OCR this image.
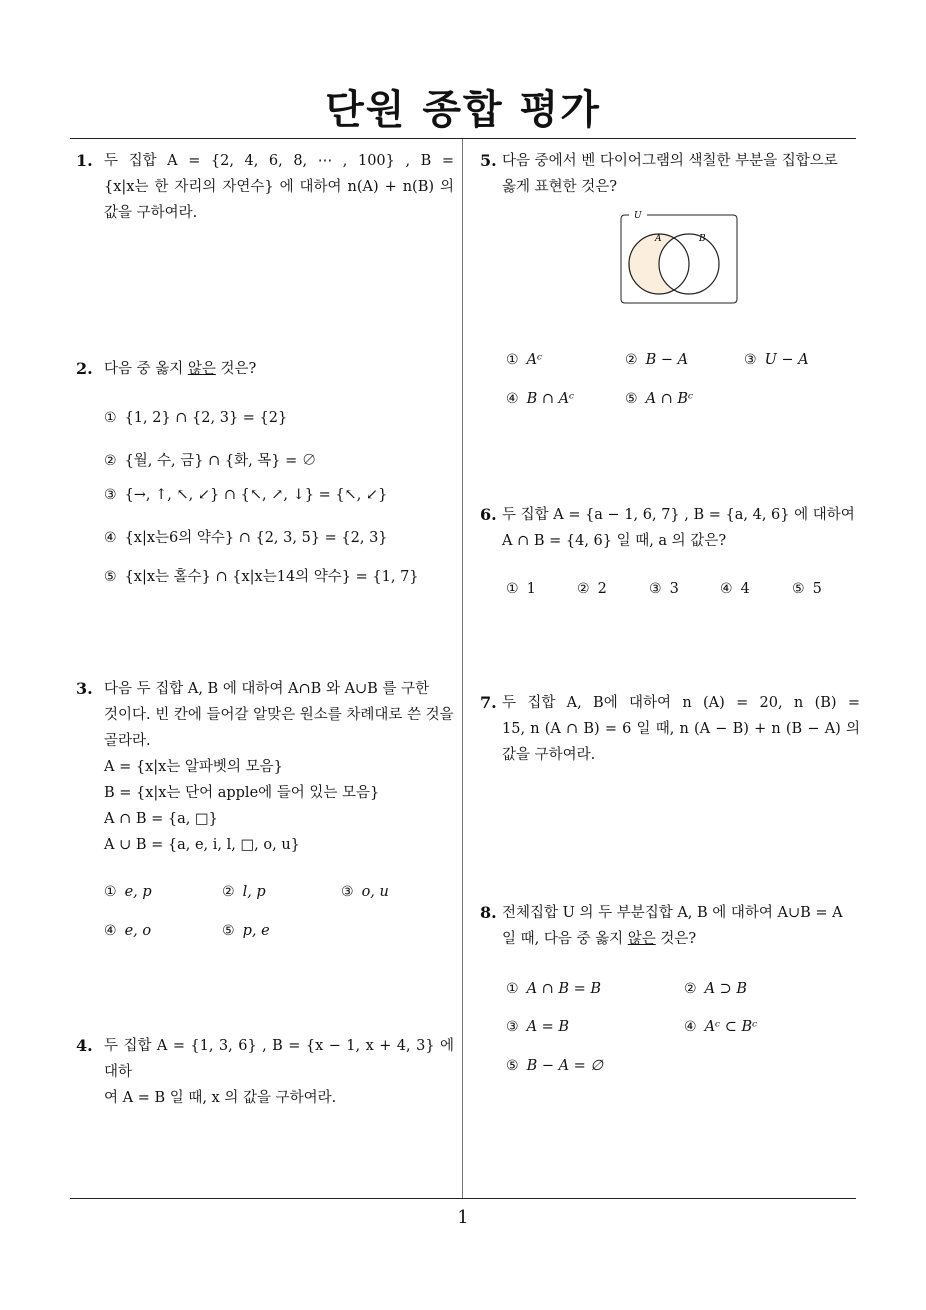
단원 종합 평가
1. 두 집합 A = {2, 4, 6, 8, ⋯ , 100} , B =
{x|x는 한 자리의 자연수} 에 대하여 n(A) + n(B) 의
값을 구하여라.
2. 다음 중 옳지 않은 것은?
① {1, 2} ∩ {2, 3} = {2}
② {월, 수, 금} ∩ {화, 목} = ∅
③ {→, ↑, ↖, ↙} ∩ {↖, ↗, ↓} = {↖, ↙}
④ {x|x는6의 약수} ∩ {2, 3, 5} = {2, 3}
⑤ {x|x는 홀수} ∩ {x|x는14의 약수} = {1, 7}
3. 다음 두 집합 A, B 에 대하여 A∩B 와 A∪B 를 구한
것이다. 빈 칸에 들어갈 알맞은 원소를 차례대로 쓴 것을
골라라.
A = {x|x는 알파벳의 모음}
B = {x|x는 단어 apple에 들어 있는 모음}
A ∩ B = {a, □}
A ∪ B = {a, e, i, l, □, o, u}
① e, p	② l, p	③ o, u
④ e, o	⑤ p, e
4. 두 집합 A = {1, 3, 6} , B = {x − 1, x + 4, 3} 에 대하
여 A = B 일 때, x 의 값을 구하여라.
5. 다음 중에서 벤 다이어그램의 색칠한 부분을 집합으로
옳게 표현한 것은?
U
A	B
① Aᶜ	② B − A	③ U − A
④ B ∩ Aᶜ	⑤ A ∩ Bᶜ
6. 두 집합 A = {a − 1, 6, 7} , B = {a, 4, 6} 에 대하여
A ∩ B = {4, 6} 일 때, a 의 값은?
① 1	② 2	③ 3	④ 4	⑤ 5
7. 두 집합 A, B에 대하여 n (A) = 20, n (B) =
15, n (A ∩ B) = 6 일 때, n (A − B) + n (B − A) 의
값을 구하여라.
8. 전체집합 U 의 두 부분집합 A, B 에 대하여 A∪B = A
일 때, 다음 중 옳지 않은 것은?
① A ∩ B = B	② A ⊃ B
③ A = B	④ Aᶜ ⊂ Bᶜ
⑤ B − A = ∅
1
